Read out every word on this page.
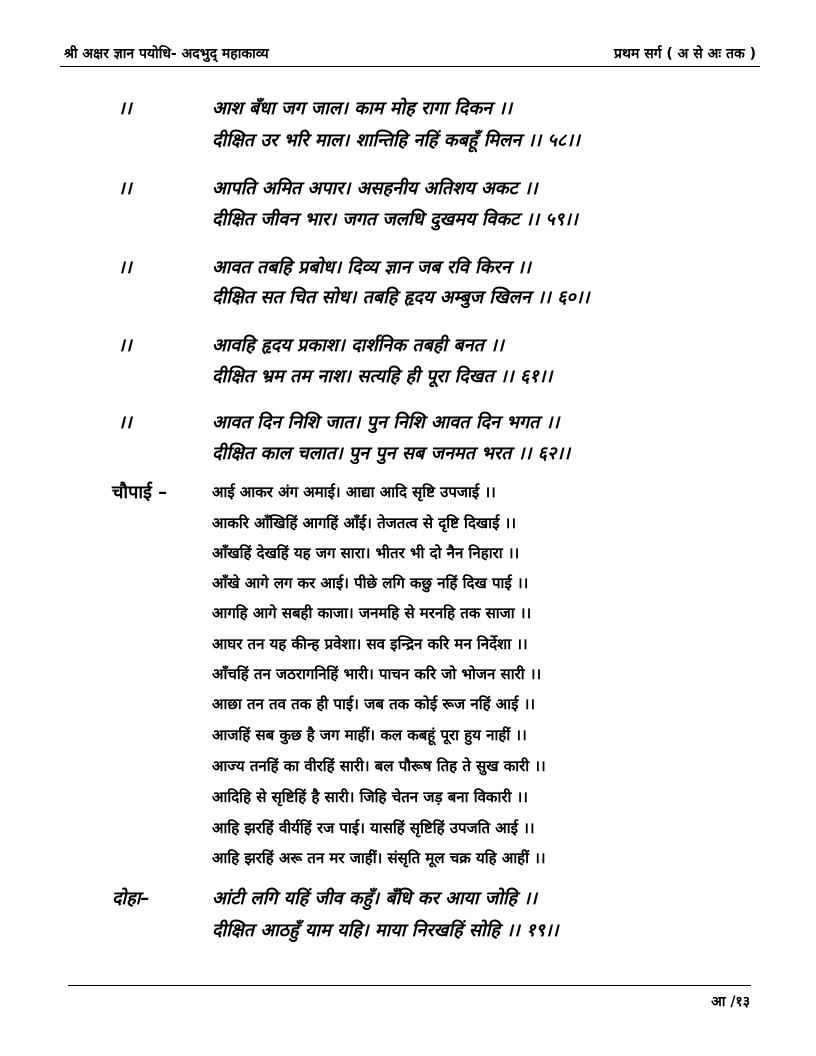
श्री अक्षर ज्ञान पयोधि- अदभुद् महाकाव्य	प्रथम सर्ग ( अ से अः तक )
।।	आश बँधा जग जाल। काम मोह रागा दिकन ।।
दीक्षित उर भरि माल। शान्तिहि नहिं कबहूँ मिलन ।। ५८।।
।।	आपति अमित अपार। असहनीय अतिशय अकट ।।
दीक्षित जीवन भार। जगत जलधि दुखमय विकट ।। ५९।।
।।	आवत तबहि प्रबोध। दिव्य ज्ञान जब रवि किरन ।।
दीक्षित सत चित सोध। तबहि हृदय अम्बुज खिलन ।। ६०।।
।।	आवहि हृदय प्रकाश। दार्शनिक तबही बनत ।।
दीक्षित भ्रम तम नाश। सत्यहि ही पूरा दिखत ।। ६१।।
।।	आवत दिन निशि जात। पुन निशि आवत दिन भगत ।।
दीक्षित काल चलात। पुन पुन सब जनमत भरत ।। ६२।।
चौपाई –	आई आकर अंग अमाई। आद्या आदि सृष्टि उपजाई ।।
आकरि आँखिहिं आगहिं आँई। तेजतत्व से दृष्टि दिखाई ।।
आँखहिं देखहिं यह जग सारा। भीतर भी दो नैन निहारा ।।
आँखे आगे लग कर आई। पीछे लगि कछु नहिं दिख पाई ।।
आगहि आगे सबही काजा। जनमहि से मरनहि तक साजा ।।
आघर तन यह कीन्ह प्रवेशा। सव इन्द्रिन करि मन निर्देशा ।।
आँचहिं तन जठरागनिहिं भारी। पाचन करि जो भोजन सारी ।।
आछा तन तव तक ही पाई। जब तक कोई रूज नहिं आई ।।
आजहिं सब कुछ है जग माहीं। कल कबहूं पूरा हुय नाहीं ।।
आज्य तनहिं का वीरहिं सारी। बल पौरूष तिह ते सुख कारी ।।
आदिहि से सृष्टिहिं है सारी। जिहि चेतन जड़ बना विकारी ।।
आहि झरहिं वीर्यहिं रज पाई। यासहिं सृष्टिहिं उपजति आई ।।
आहि झरहिं अरू तन मर जाहीं। संसृति मूल चक्र यहि आहीं ।।
दोहा–	आंटी लगि यहिं जीव कहुँ। बँधि कर आया जोहि ।।
दीक्षित आठहुँ याम यहि। माया निरखहिं सोहि ।। १९।।
आ /१३
